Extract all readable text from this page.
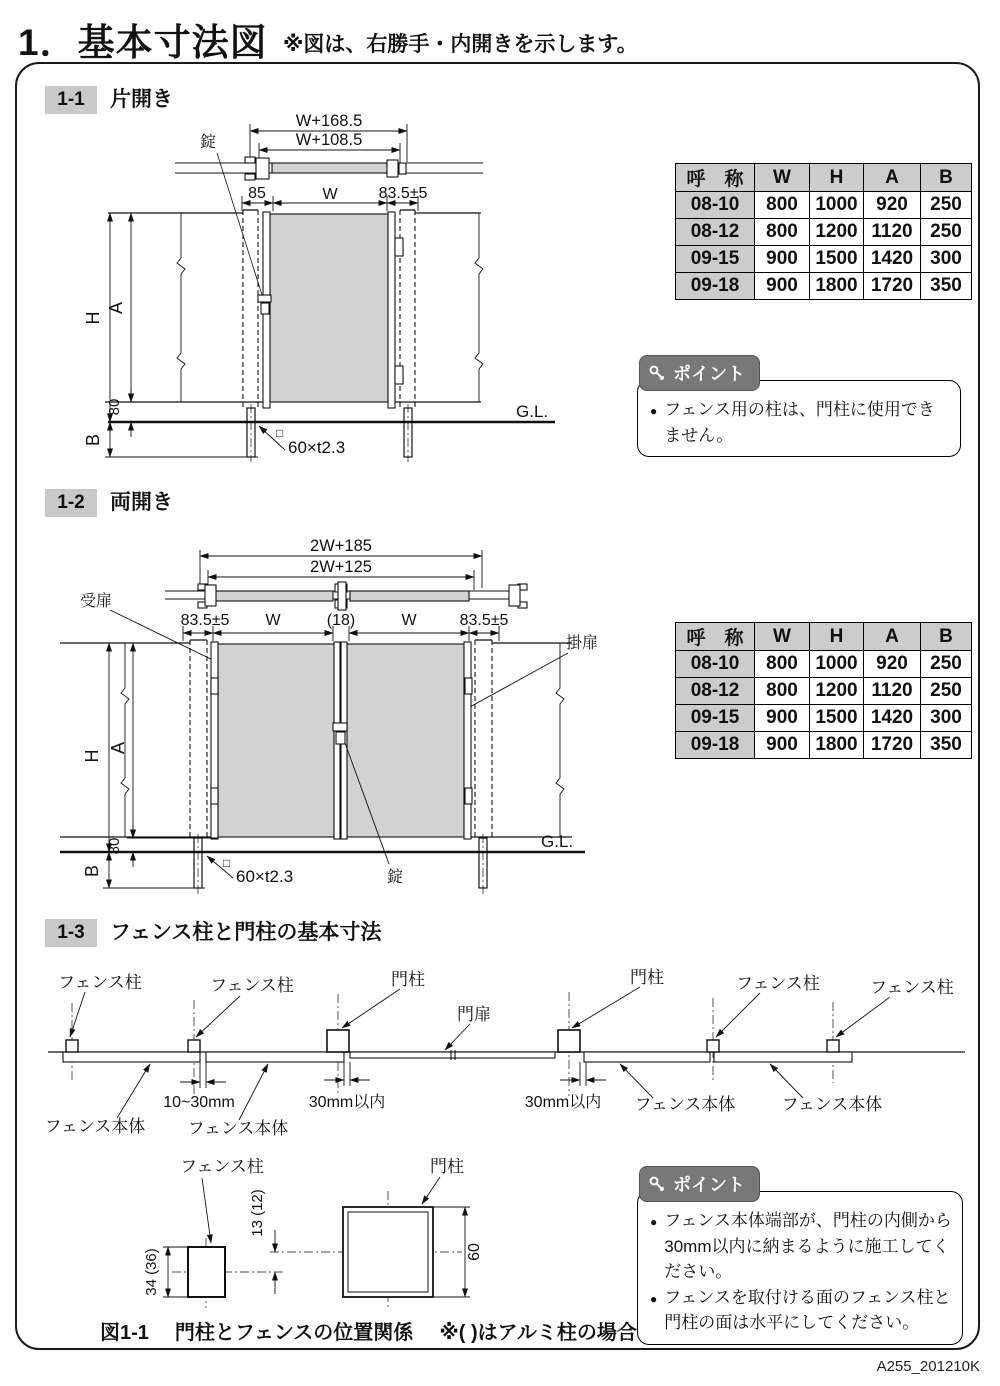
1．基本寸法図 ※図は、右勝手・内開きを示します。
1-1	片開き
W+168.5
W+108.5
錠
85	W	83.5±5
G.L.
□
60×t2.3
H
A
80
B
呼　称	W	H	A	B
08-10	800	1000	920	250
08-12	800	1200	1120	250
09-15	900	1500	1420	300
09-18	900	1800	1720	350
● フェンス用の柱は、門柱に使用できません。
ポイント
1-2	両開き
2W+185
2W+125
受扉
掛扉
83.5±5 W	(18)	W	83.5±5
G.L.
□
60×t2.3	錠
H
A
80
B
呼　称	W	H	A	B
08-10	800	1000	920	250
08-12	800	1200	1120	250
09-15	900	1500	1420	300
09-18	900	1800	1720	350
1-3	フェンス柱と門柱の基本寸法
フェンス柱	フェンス柱	門柱
門扉
門柱	フェンス柱	フェンス柱
10~30mm	30mm以内	30mm以内
フェンス本体 フェンス本体
フェンス本体	フェンス本体
フェンス柱	門柱
34 (36)
13 (12)
60
図1-1 門柱とフェンスの位置関係 ※( )はアルミ柱の場合
● フェンス本体端部が、門柱の内側から30mm以内に納まるように施工してください。
● フェンスを取付ける面のフェンス柱と門柱の面は水平にしてください。
ポイント
A255_201210K
